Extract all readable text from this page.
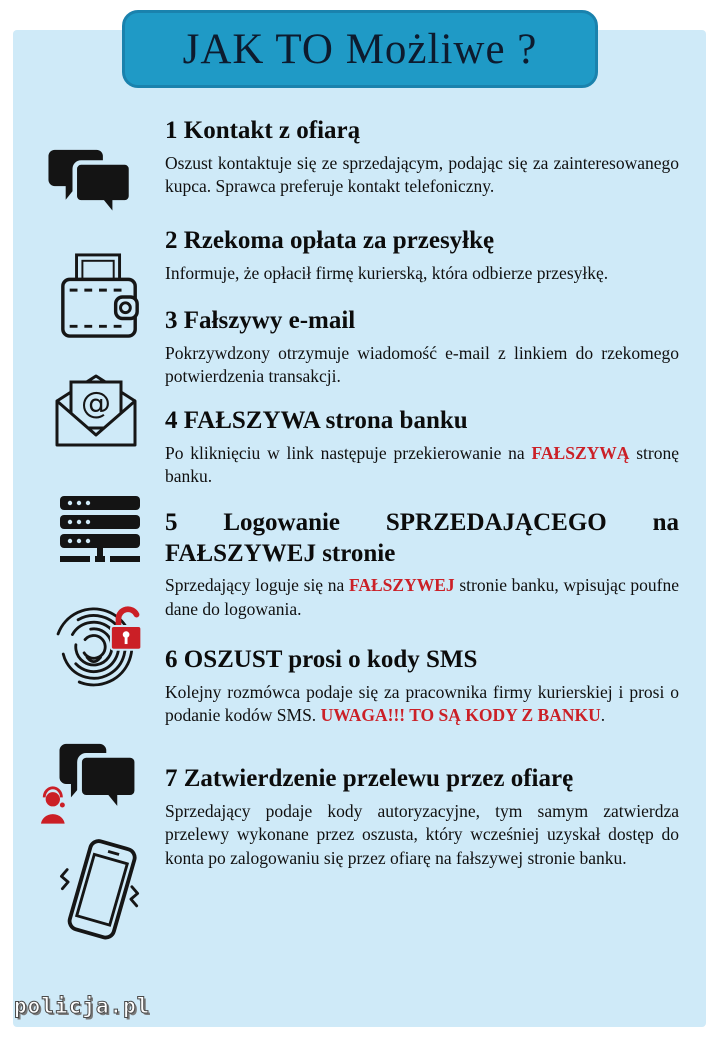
JAK TO Możliwe ?
@
1 Kontakt z ofiarą

Oszust kontaktuje się ze sprzedającym, podając się za zainteresowanego kupca. Sprawca preferuje kontakt telefoniczny.

2 Rzekoma opłata za przesyłkę

Informuje, że opłacił firmę kurierską, która odbierze przesyłkę.

3 Fałszywy e-mail

Pokrzywdzony otrzymuje wiadomość e-mail z linkiem do rzekomego potwierdzenia transakcji.

4 FAŁSZYWA strona banku

Po kliknięciu w link następuje przekierowanie na FAŁSZYWĄ stronę banku.

5 Logowanie SPRZEDAJĄCEGO na FAŁSZYWEJ stronie

Sprzedający loguje się na FAŁSZYWEJ stronie banku, wpisując poufne dane do logowania.

6 OSZUST prosi o kody SMS

Kolejny rozmówca podaje się za pracownika firmy kurierskiej i prosi o podanie kodów SMS. UWAGA!!! TO SĄ KODY Z BANKU.

7 Zatwierdzenie przelewu przez ofiarę

Sprzedający podaje kody autoryzacyjne, tym samym zatwierdza przelewy wykonane przez oszusta, który wcześniej uzyskał dostęp do konta po zalogowaniu się przez ofiarę na fałszywej stronie banku.

policja.pl
